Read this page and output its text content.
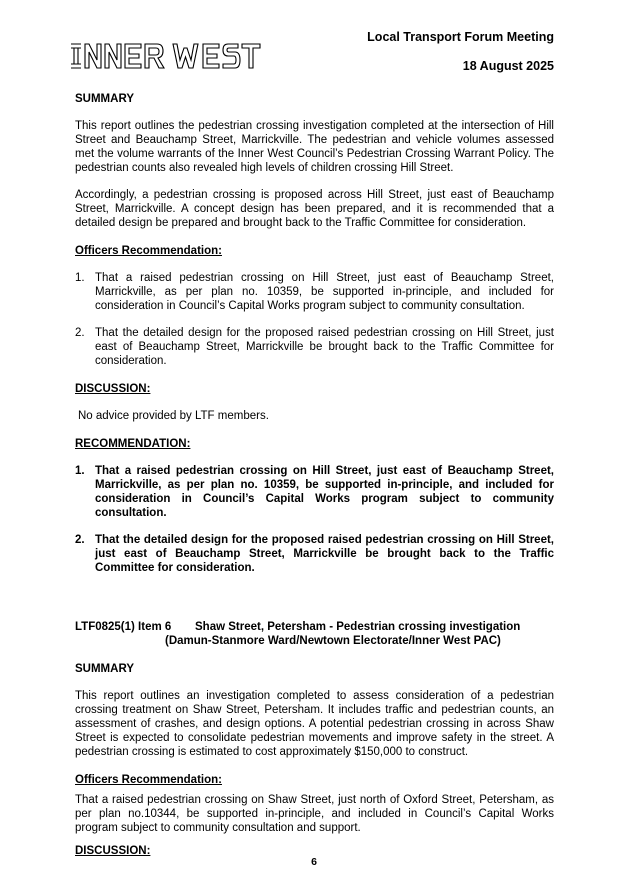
Local Transport Forum Meeting
18 August 2025
SUMMARY

This report outlines the pedestrian crossing investigation completed at the intersection of Hill Street and Beauchamp Street, Marrickville. The pedestrian and vehicle volumes assessed met the volume warrants of the Inner West Council’s Pedestrian Crossing Warrant Policy. The pedestrian counts also revealed high levels of children crossing Hill Street.

Accordingly, a pedestrian crossing is proposed across Hill Street, just east of Beauchamp Street, Marrickville. A concept design has been prepared, and it is recommended that a detailed design be prepared and brought back to the Traffic Committee for consideration.

Officers Recommendation:
1. That a raised pedestrian crossing on Hill Street, just east of Beauchamp Street, Marrickville, as per plan no. 10359, be supported in-principle, and included for consideration in Council’s Capital Works program subject to community consultation.
2. That the detailed design for the proposed raised pedestrian crossing on Hill Street, just east of Beauchamp Street, Marrickville be brought back to the Traffic Committee for consideration.
DISCUSSION:

No advice provided by LTF members.

RECOMMENDATION:
1. That a raised pedestrian crossing on Hill Street, just east of Beauchamp Street, Marrickville, as per plan no. 10359, be supported in-principle, and included for consideration in Council’s Capital Works program subject to community consultation.
2. That the detailed design for the proposed raised pedestrian crossing on Hill Street, just east of Beauchamp Street, Marrickville be brought back to the Traffic Committee for consideration.
LTF0825(1) Item 6 Shaw Street, Petersham - Pedestrian crossing investigation
(Damun-Stanmore Ward/Newtown Electorate/Inner West PAC)
SUMMARY

This report outlines an investigation completed to assess consideration of a pedestrian crossing treatment on Shaw Street, Petersham. It includes traffic and pedestrian counts, an assessment of crashes, and design options. A potential pedestrian crossing in across Shaw Street is expected to consolidate pedestrian movements and improve safety in the street. A pedestrian crossing is estimated to cost approximately $150,000 to construct.

Officers Recommendation:

That a raised pedestrian crossing on Shaw Street, just north of Oxford Street, Petersham, as per plan no.10344, be supported in-principle, and included in Council’s Capital Works program subject to community consultation and support.

DISCUSSION:
6
